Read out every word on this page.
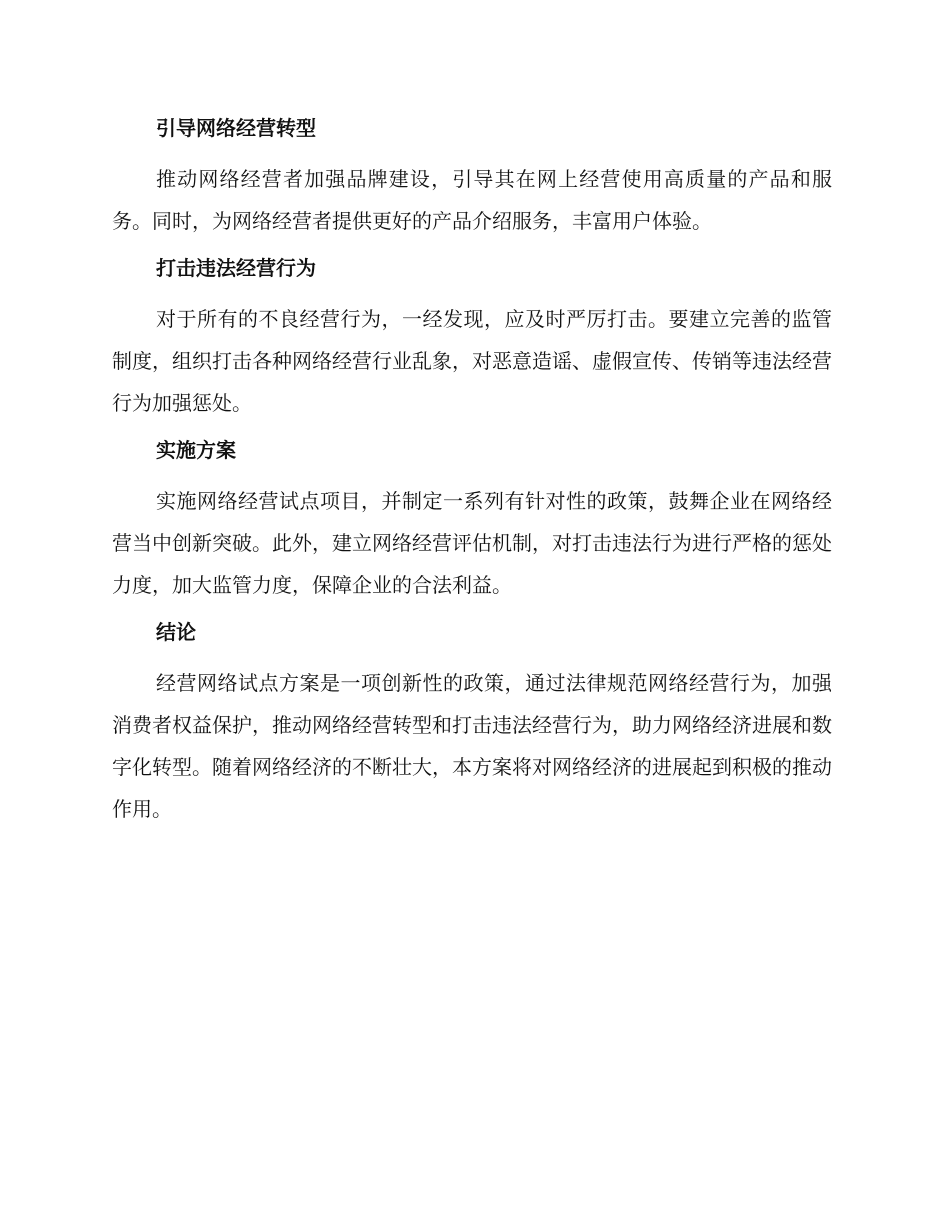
引导网络经营转型

推动网络经营者加强品牌建设，引导其在网上经营使用高质量的产品和服务。同时，为网络经营者提供更好的产品介绍服务，丰富用户体验。

打击违法经营行为

对于所有的不良经营行为，一经发现，应及时严厉打击。要建立完善的监管制度，组织打击各种网络经营行业乱象，对恶意造谣、虚假宣传、传销等违法经营行为加强惩处。

实施方案

实施网络经营试点项目，并制定一系列有针对性的政策，鼓舞企业在网络经营当中创新突破。此外，建立网络经营评估机制，对打击违法行为进行严格的惩处力度，加大监管力度，保障企业的合法利益。

结论

经营网络试点方案是一项创新性的政策，通过法律规范网络经营行为，加强消费者权益保护，推动网络经营转型和打击违法经营行为，助力网络经济进展和数字化转型。随着网络经济的不断壮大，本方案将对网络经济的进展起到积极的推动作用。
